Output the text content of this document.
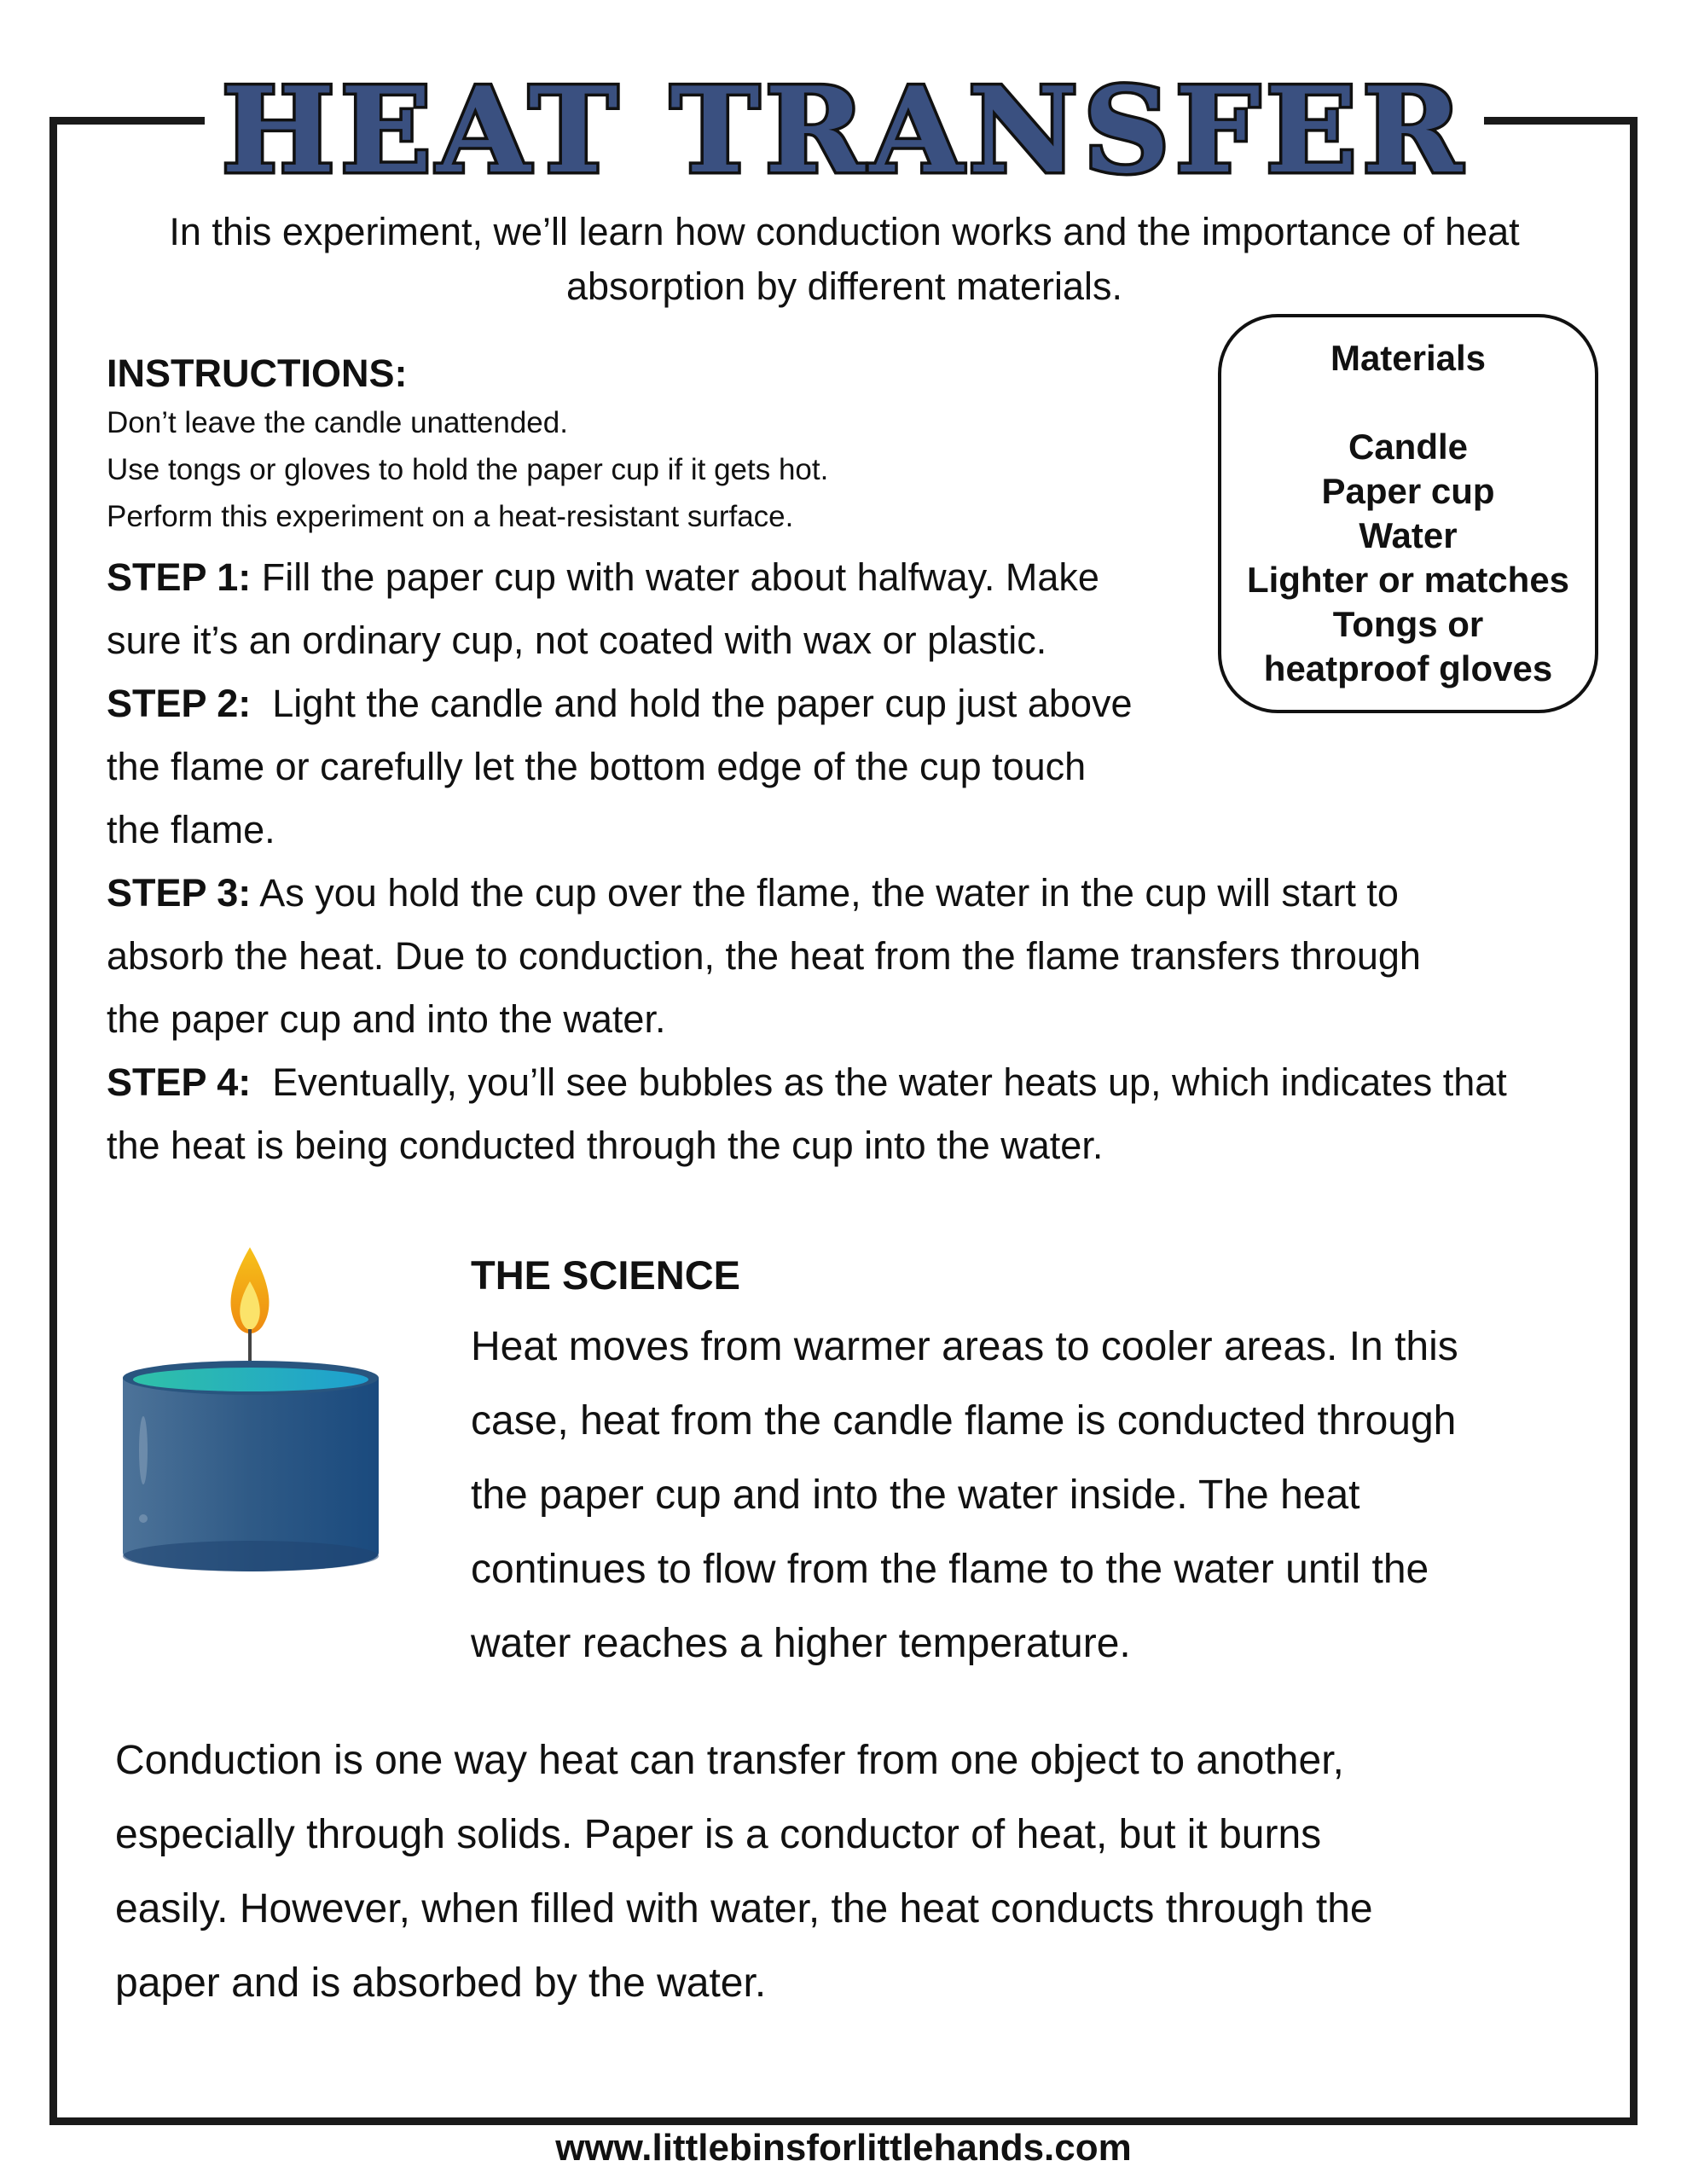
HEAT TRANSFER
In this experiment, we’ll learn how conduction works and the importance of heat
absorption by different materials.
Materials
Candle
Paper cup
Water
Lighter or matches
Tongs or
heatproof gloves
INSTRUCTIONS:
Don’t leave the candle unattended.
Use tongs or gloves to hold the paper cup if it gets hot.
Perform this experiment on a heat-resistant surface.
STEP 1: Fill the paper cup with water about halfway. Make
sure it’s an ordinary cup, not coated with wax or plastic.
STEP 2: Light the candle and hold the paper cup just above
the flame or carefully let the bottom edge of the cup touch
the flame.
STEP 3: As you hold the cup over the flame, the water in the cup will start to
absorb the heat. Due to conduction, the heat from the flame transfers through
the paper cup and into the water.
STEP 4: Eventually, you’ll see bubbles as the water heats up, which indicates that
the heat is being conducted through the cup into the water.
THE SCIENCE
Heat moves from warmer areas to cooler areas. In this
case, heat from the candle flame is conducted through
the paper cup and into the water inside. The heat
continues to flow from the flame to the water until the
water reaches a higher temperature.
Conduction is one way heat can transfer from one object to another,
especially through solids. Paper is a conductor of heat, but it burns
easily. However, when filled with water, the heat conducts through the
paper and is absorbed by the water.
www.littlebinsforlittlehands.com
